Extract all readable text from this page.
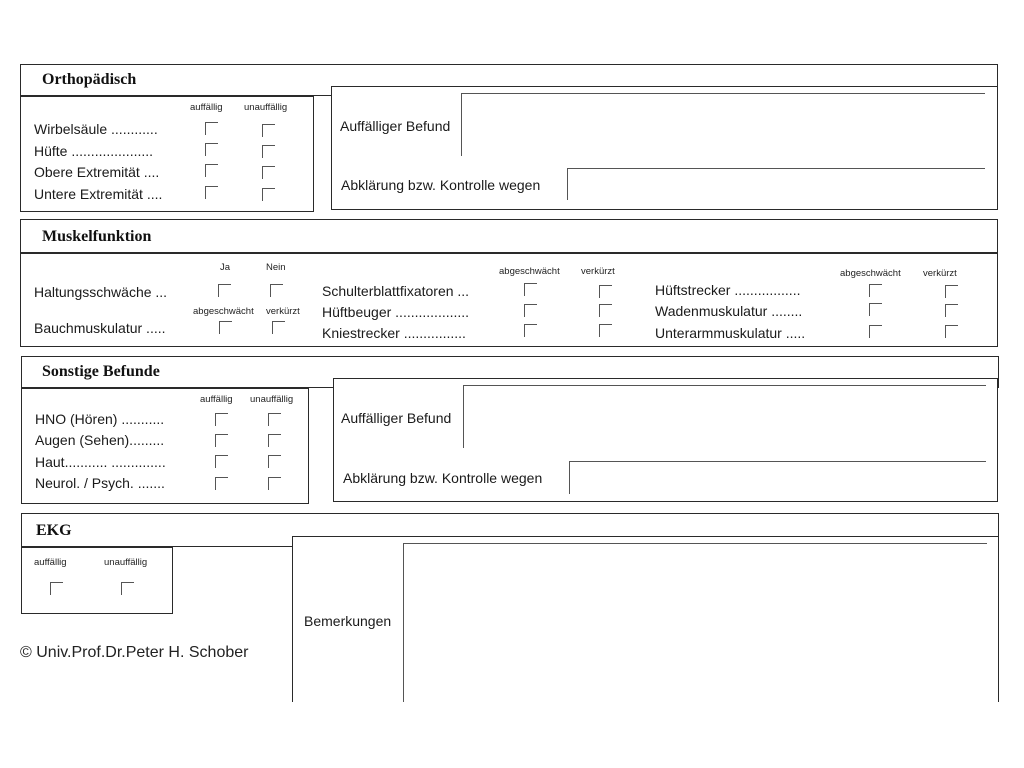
Orthopädisch
auffällig unauffällig
Wirbelsäule ............
Hüfte .....................
Obere Extremität ....
Untere Extremität ....
Auffälliger Befund
Abklärung bzw. Kontrolle wegen
Muskelfunktion
Ja	Nein
Haltungsschwäche ...
abgeschwächt verkürzt
Bauchmuskulatur .....
abgeschwächt verkürzt
Schulterblattfixatoren ...
Hüftbeuger ...................
Kniestrecker ................
abgeschwächt verkürzt
Hüftstrecker .................
Wadenmuskulatur ........
Unterarmmuskulatur .....
Sonstige Befunde
auffällig unauffällig
HNO (Hören) ...........
Augen (Sehen).........
Haut........... ..............
Neurol. / Psych. .......
Auffälliger Befund
Abklärung bzw. Kontrolle wegen
EKG
auffällig	unauffällig
Bemerkungen
© Univ.Prof.Dr.Peter H. Schober
